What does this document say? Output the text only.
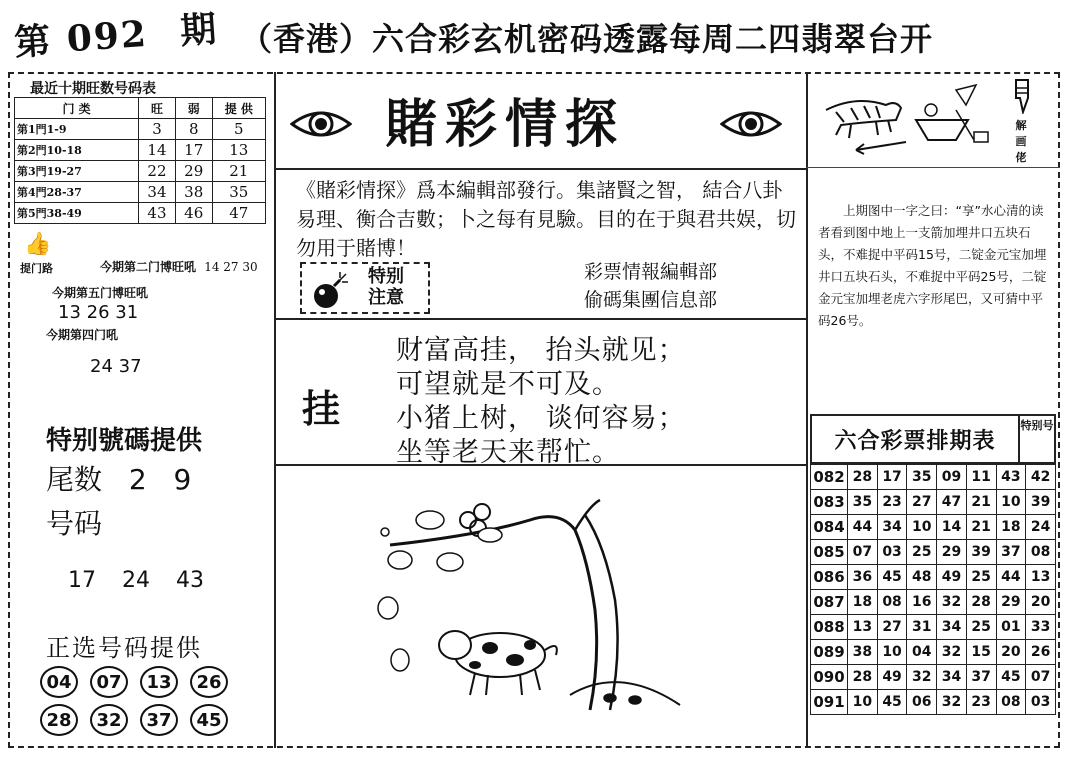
第 092 期 （香港）六合彩玄机密码透露每周二四翡翠台开
最近十期旺数号码表
门 类	旺	弱	提 供
第1門1-9	3	8	5
第2門10-18	14	17	13
第3門19-27	22	29	21
第4門28-37	34	38	35
第5門38-49	43	46	47
👍
提门路	今期第二门博旺吼 14 27 30
今期第五门博旺吼
13 26 31
今期第四门吼
24 37
特别號碼提供
尾数 2   9
号码
17  24  43
正选号码提供
04	07	13	26
28	32	37	45
賭彩情探
《賭彩情探》爲本編輯部發行。集諸賢之智， 結合八卦易理、衡合吉數；卜之每有見驗。目的在于與君共娱，切勿用于賭博！
特别
注意
彩票情報編輯部
偷碼集團信息部
挂
财富高挂， 抬头就见；
可望就是不可及。
小猪上树， 谈何容易；
坐等老天来帮忙。
解画佬
上期图中一字之曰：“享”水心清的读者看到图中地上一支箭加埋井口五块石头，不难捉中平码15号，二锭金元宝加埋井口五块石头，不难捉中平码25号，二锭金元宝加埋老虎六字形尾巴，又可猜中平码26号。
六合彩票排期表
特别号
082	28	17	35	09	11	43	42
083	35	23	27	47	21	10	39
084	44	34	10	14	21	18	24
085	07	03	25	29	39	37	08
086	36	45	48	49	25	44	13
087	18	08	16	32	28	29	20
088	13	27	31	34	25	01	33
089	38	10	04	32	15	20	26
090	28	49	32	34	37	45	07
091	10	45	06	32	23	08	03
